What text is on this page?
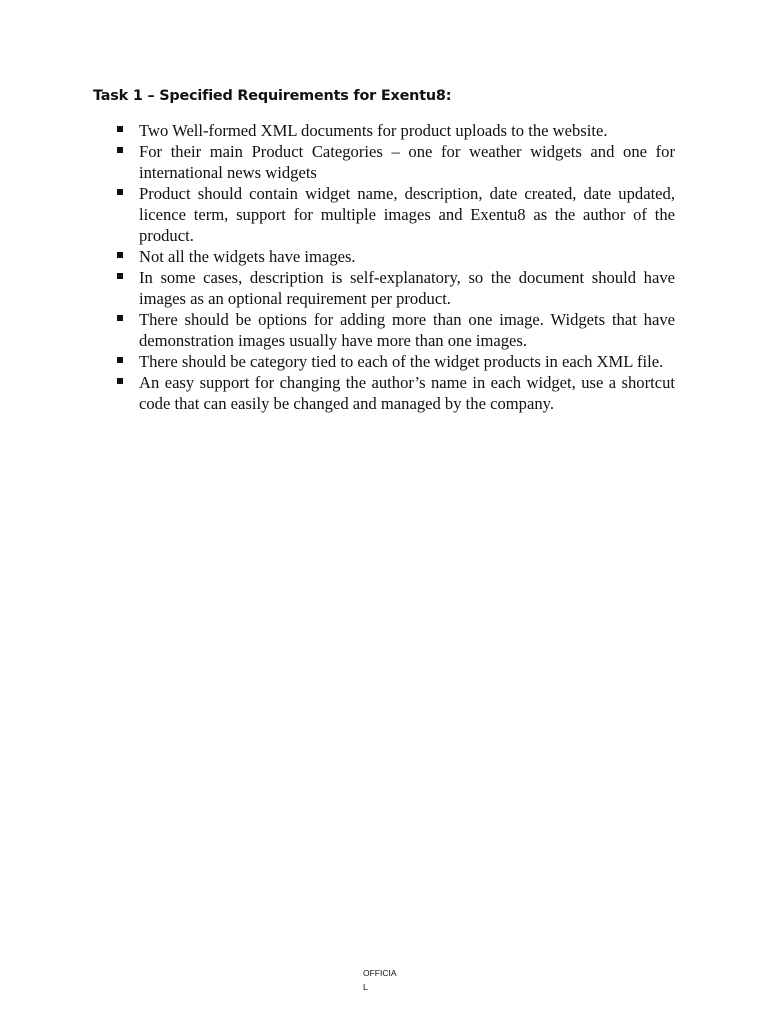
Task 1 – Specified Requirements for Exentu8:
Two Well-formed XML documents for product uploads to the website.
For their main Product Categories – one for weather widgets and one for international news widgets
Product should contain widget name, description, date created, date updated, licence term, support for multiple images and Exentu8 as the author of the product.
Not all the widgets have images.
In some cases, description is self-explanatory, so the document should have images as an optional requirement per product.
There should be options for adding more than one image. Widgets that have demonstration images usually have more than one images.
There should be category tied to each of the widget products in each XML file.
An easy support for changing the author’s name in each widget, use a shortcut code that can easily be changed and managed by the company.
OFFICIA
L
